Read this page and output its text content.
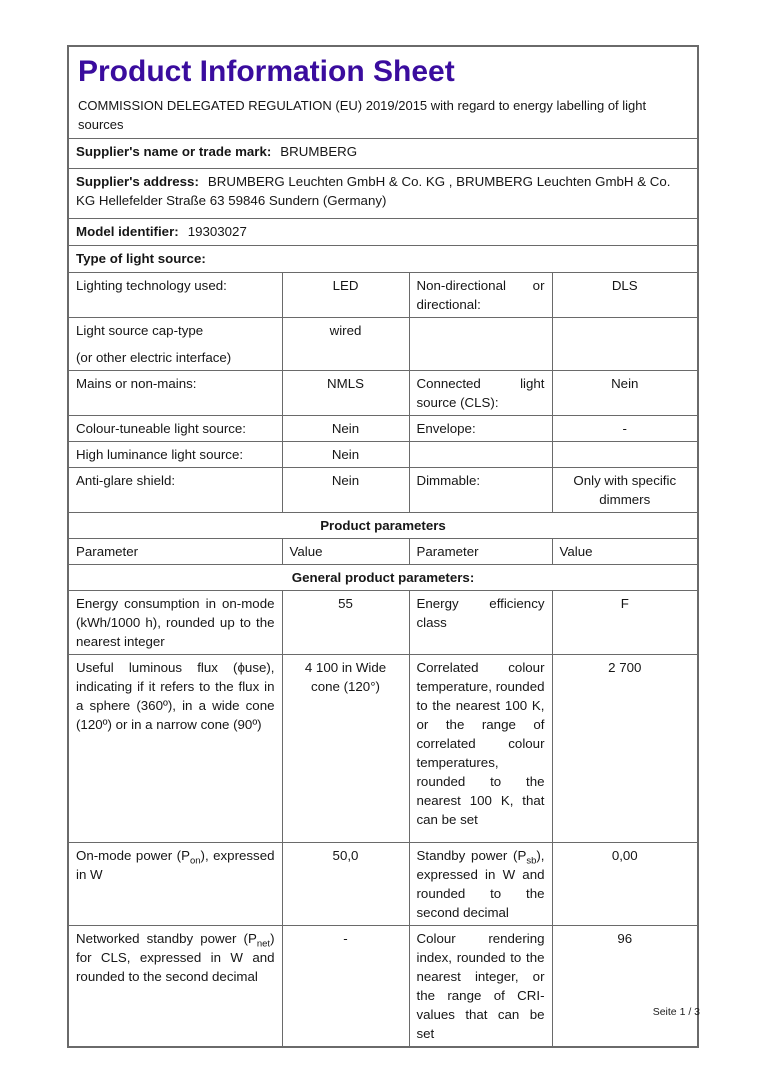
Product Information Sheet
COMMISSION DELEGATED REGULATION (EU) 2019/2015 with regard to energy labelling of light sources			

Supplier's name or trade mark: BRUMBERG			
Supplier's address: BRUMBERG Leuchten GmbH & Co. KG , BRUMBERG Leuchten GmbH & Co. KG Hellefelder Straße 63 59846 Sundern (Germany)			
Model identifier: 19303027			
Type of light source:			
Lighting technology used:	LED	Non-directional or directional:	DLS

Light source cap-type
(or other electric interface)	wired		
Mains or non-mains:	NMLS	Connected light source (CLS):	Nein
Colour-tuneable light source:	Nein	Envelope:	-
High luminance light source:	Nein		
Anti-glare shield:	Nein	Dimmable:	Only with specific dimmers
Product parameters			
Parameter	Value	Parameter	Value
General product parameters:			
Energy consumption in on-mode (kWh/1000 h), rounded up to the nearest integer	55	Energy efficiency class	F
Useful luminous flux (ϕuse), indicating if it refers to the flux in a sphere (360º), in a wide cone (120º) or in a narrow cone (90º)	4 100 in Wide cone (120°)	Correlated colour temperature, rounded to the nearest 100 K, or the range of correlated colour temperatures, rounded to the nearest 100 K, that can be set	2 700
On-mode power $(P_{on})$, expressed in W	50,0	Standby power $(P_{sb})$, expressed in W and rounded to the second decimal	0,00
Networked standby power $(P_{net})$ for CLS, expressed in W and rounded to the second decimal	-	Colour rendering index, rounded to the nearest integer, or the range of CRI-values that can be set	96
Seite 1 / 3
